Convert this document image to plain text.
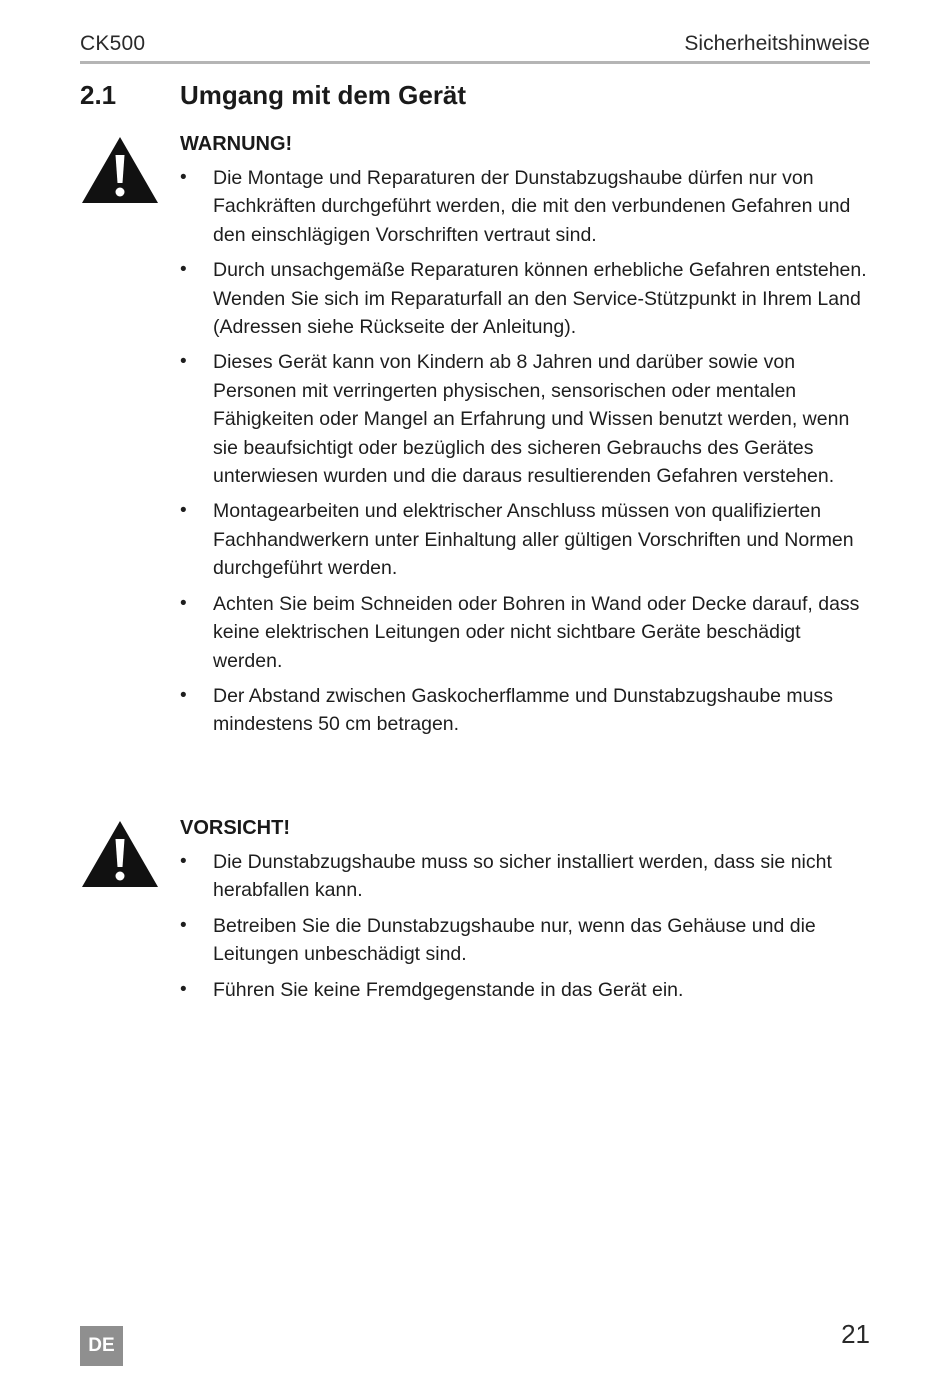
CK500	Sicherheitshinweise
2.1 Umgang mit dem Gerät
WARNUNG!
• Die Montage und Reparaturen der Dunstabzugshaube dürfen nur von Fachkräften durchgeführt werden, die mit den verbundenen Gefahren und den einschlägigen Vorschriften vertraut sind.
• Durch unsachgemäße Reparaturen können erhebliche Gefahren entstehen. Wenden Sie sich im Reparaturfall an den Service-Stützpunkt in Ihrem Land (Adressen siehe Rückseite der Anleitung).
• Dieses Gerät kann von Kindern ab 8 Jahren und darüber sowie von Personen mit verringerten physischen, sensorischen oder mentalen Fähigkeiten oder Mangel an Erfahrung und Wissen benutzt werden, wenn sie beaufsichtigt oder bezüglich des sicheren Gebrauchs des Gerätes unterwiesen wurden und die daraus resultierenden Gefahren verstehen.
• Montagearbeiten und elektrischer Anschluss müssen von qualifizierten Fachhandwerkern unter Einhaltung aller gültigen Vorschriften und Normen durchgeführt werden.
• Achten Sie beim Schneiden oder Bohren in Wand oder Decke darauf, dass keine elektrischen Leitungen oder nicht sichtbare Geräte beschädigt werden.
• Der Abstand zwischen Gaskocherflamme und Dunstabzugshaube muss mindestens 50 cm betragen.
VORSICHT!
• Die Dunstabzugshaube muss so sicher installiert werden, dass sie nicht herabfallen kann.
• Betreiben Sie die Dunstabzugshaube nur, wenn das Gehäuse und die Leitungen unbeschädigt sind.
• Führen Sie keine Fremdgegenstande in das Gerät ein.
DE	21
